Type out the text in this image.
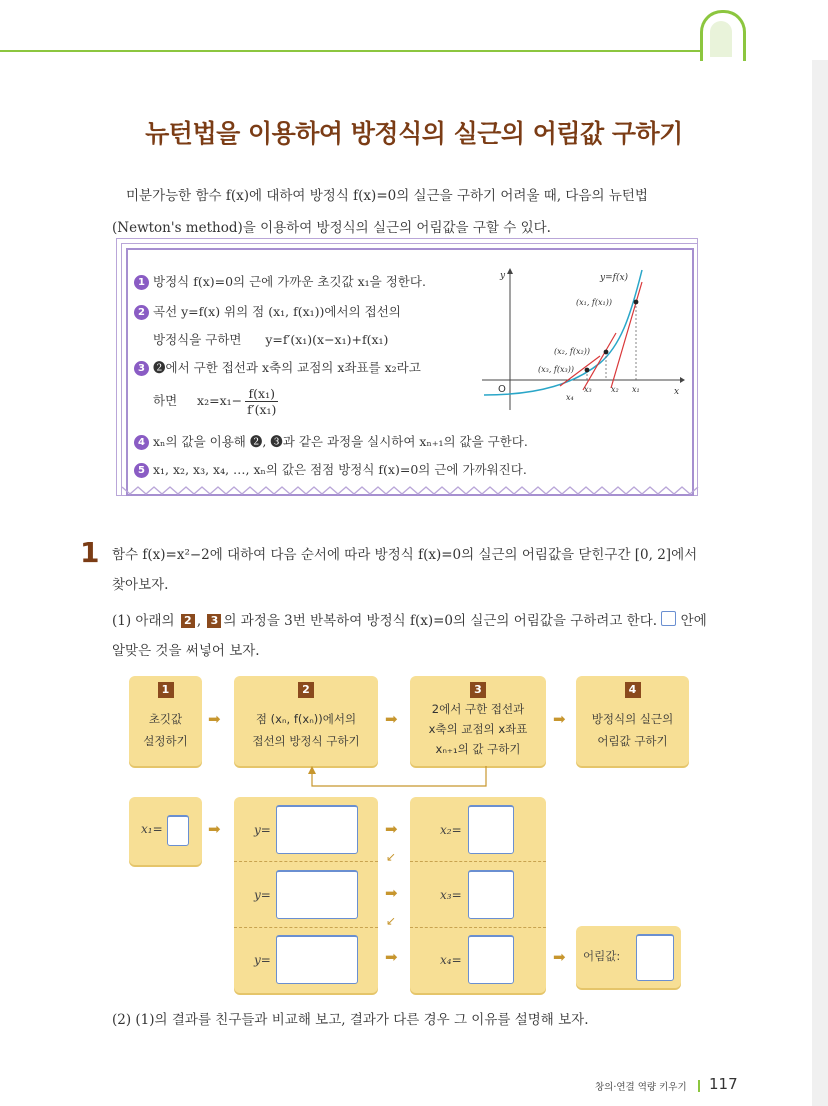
뉴턴법을 이용하여 방정식의 실근의 어림값 구하기
미분가능한 함수 f(x)에 대하여 방정식 f(x)=0의 실근을 구하기 어려울 때, 다음의 뉴턴법(Newton's method)을 이용하여 방정식의 실근의 어림값을 구할 수 있다.
1 방정식 f(x)=0의 근에 가까운 초깃값 x₁을 정한다.
2 곡선 y=f(x) 위의 점 (x₁, f(x₁))에서의 접선의
방정식을 구하면 y=f′(x₁)(x−x₁)+f(x₁)
3 ❷에서 구한 접선과 x축의 교점의 x좌표를 x₂라고
하면 $x_2=x_1- \frac{\text{f(x₁)}}{\text{f′(x₁)}}$
4 xₙ의 값을 이용해 ❷, ❸과 같은 과정을 실시하여 xₙ₊₁의 값을 구한다.
5 x₁, x₂, x₃, x₄, …, xₙ의 값은 점점 방정식 f(x)=0의 근에 가까워진다.
y=f(x)
y
x
O
(x₁, f(x₁))
(x₂, f(x₂))
(x₃, f(x₃))
x₄
x₃ x₂ x₁
1 함수 f(x)=x²−2에 대하여 다음 순서에 따라 방정식 f(x)=0의 실근의 어림값을 닫힌구간 [0, 2]에서 찾아보자.
(1) 아래의 2 , 3 의 과정을 3번 반복하여 방정식 f(x)=0의 실근의 어림값을 구하려고 한다. 안에 알맞은 것을 써넣어 보자.
1
초깃값
설정하기
➡
2
점 (xₙ, f(xₙ))에서의
접선의 방정식 구하기
➡
3
2에서 구한 접선과
x축의 교점의 x좌표
xₙ₊₁의 값 구하기
➡
4
방정식의 실근의
어림값 구하기
x₁=	➡	y=
y=
y=
➡
↙
➡
↙
➡
x₂=
x₃=
x₄=	➡ 어림값:
(2) (1)의 결과를 친구들과 비교해 보고, 결과가 다른 경우 그 이유를 설명해 보자.
창의·연결 역량 키우기 117
